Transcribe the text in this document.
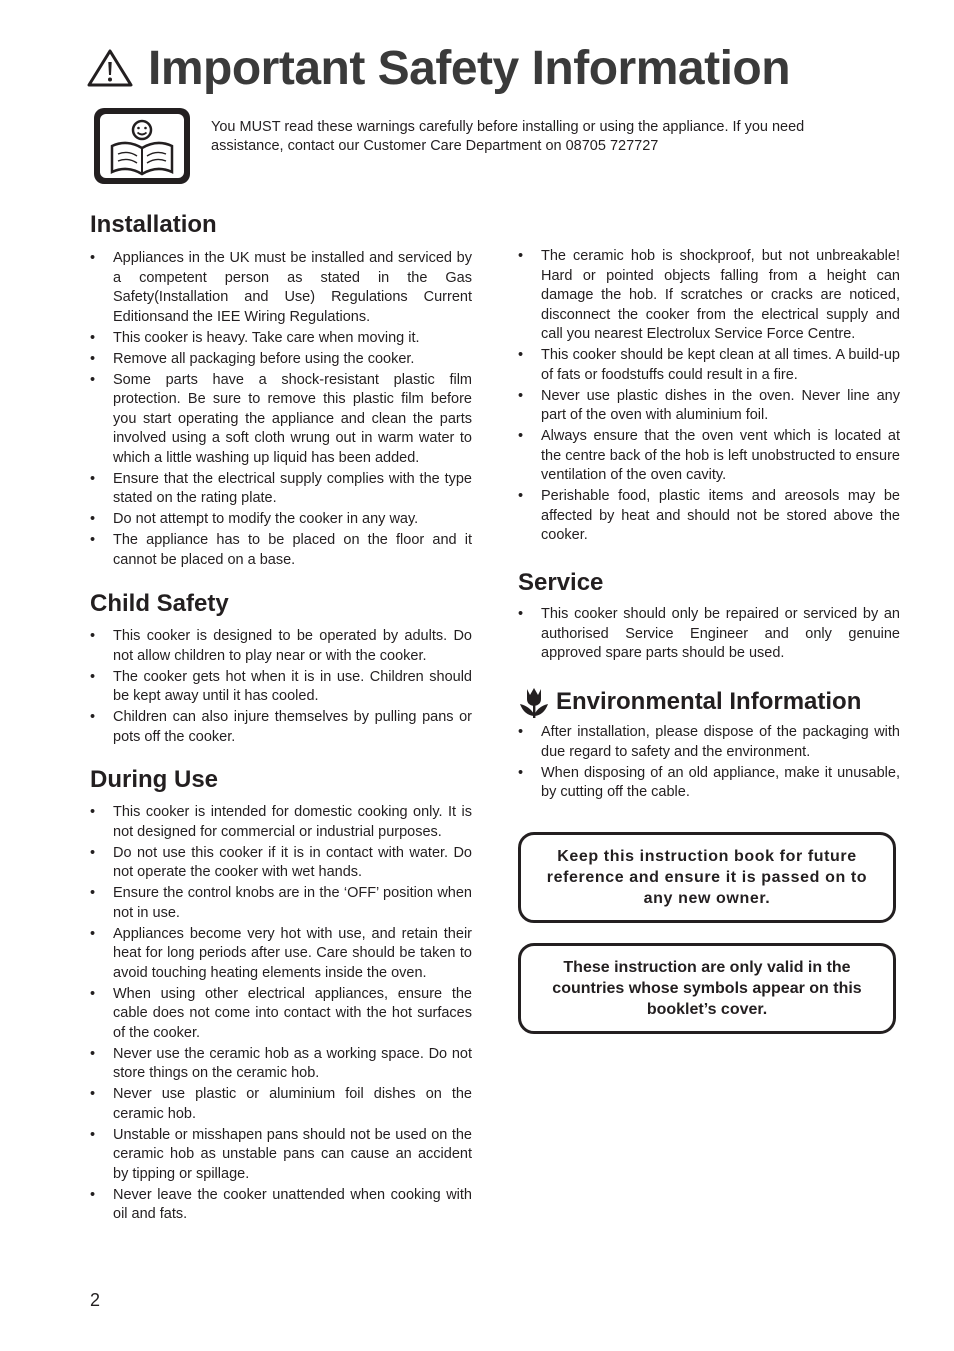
Important Safety Information
You MUST read these warnings carefully before installing or using the appliance. If you need assistance, contact our Customer Care Department on 08705 727727
Installation
• Appliances in the UK must be installed and serviced by a competent person as stated in the Gas Safety(Installation and Use) Regulations Current Editionsand the IEE Wiring Regulations.
• This cooker is heavy. Take care when moving it.
• Remove all packaging before using the cooker.
• Some parts have a shock-resistant plastic film protection. Be sure to remove this plastic film before you start operating the appliance and clean the parts involved using a soft cloth wrung out in warm water to which a little washing up liquid has been added.
• Ensure that the electrical supply complies with the type stated on the rating plate.
• Do not attempt to modify the cooker in any way.
• The appliance has to be placed on the floor and it cannot be placed on a base.
Child Safety
• This cooker is designed to be operated by adults. Do not allow children to play near or with the cooker.
• The cooker gets hot when it is in use. Children should be kept away until it has cooled.
• Children can also injure themselves by pulling pans or pots off the cooker.
During Use
• This cooker is intended for domestic cooking only. It is not designed for commercial or industrial purposes.
• Do not use this cooker if it is in contact with water. Do not operate the cooker with wet hands.
• Ensure the control knobs are in the ‘OFF’ position when not in use.
• Appliances become very hot with use, and retain their heat for long periods after use. Care should be taken to avoid touching heating elements inside the oven.
• When using other electrical appliances, ensure the cable does not come into contact with the hot surfaces of the cooker.
• Never use the ceramic hob as a working space. Do not store things on the ceramic hob.
• Never use plastic or aluminium foil dishes on the ceramic hob.
• Unstable or misshapen pans should not be used on the ceramic hob as unstable pans can cause an accident by tipping or spillage.
• Never leave the cooker unattended when cooking with oil and fats.
• The ceramic hob is shockproof, but not unbreakable! Hard or pointed objects falling from a height can damage the hob. If scratches or cracks are noticed, disconnect the cooker from the electrical supply and call you nearest Electrolux Service Force Centre.
• This cooker should be kept clean at all times. A build-up of fats or foodstuffs could result in a fire.
• Never use plastic dishes in the oven. Never line any part of the oven with aluminium foil.
• Always ensure that the oven vent which is located at the centre back of the hob is left unobstructed to ensure ventilation of the oven cavity.
• Perishable food, plastic items and areosols may be affected by heat and should not be stored above the cooker.
Service
• This cooker should only be repaired or serviced by an authorised Service Engineer and only genuine approved spare parts should be used.
Environmental Information
• After installation, please dispose of the packaging with due regard to safety and the environment.
• When disposing of an old appliance, make it unusable, by cutting off the cable.
Keep this instruction book for future reference and ensure it is passed on to any new owner.
These instruction are only valid in the countries whose symbols appear on this booklet’s cover.
2
